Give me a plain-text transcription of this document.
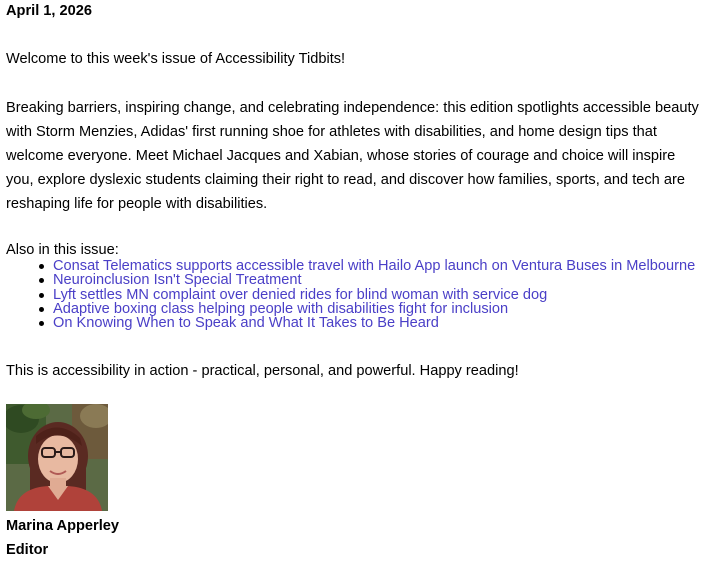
April 1, 2026
Welcome to this week's issue of Accessibility Tidbits!
Breaking barriers, inspiring change, and celebrating independence: this edition spotlights accessible beauty with Storm Menzies, Adidas' first running shoe for athletes with disabilities, and home design tips that welcome everyone. Meet Michael Jacques and Xabian, whose stories of courage and choice will inspire you, explore dyslexic students claiming their right to read, and discover how families, sports, and tech are reshaping life for people with disabilities.
Also in this issue:
Consat Telematics supports accessible travel with Hailo App launch on Ventura Buses in Melbourne
Neuroinclusion Isn't Special Treatment
Lyft settles MN complaint over denied rides for blind woman with service dog
Adaptive boxing class helping people with disabilities fight for inclusion
On Knowing When to Speak and What It Takes to Be Heard
This is accessibility in action - practical, personal, and powerful. Happy reading!
Marina Apperley
Editor
